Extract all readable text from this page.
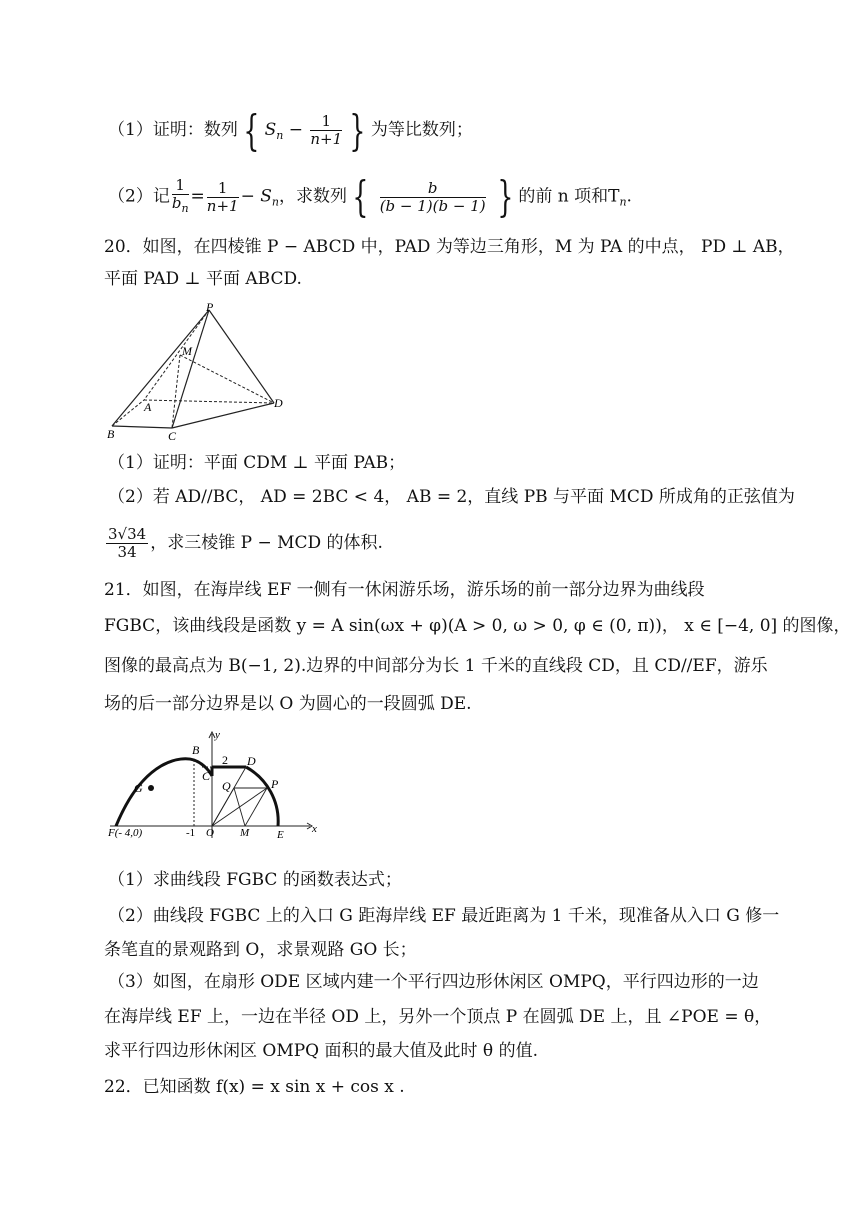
（1）证明：数列 { $S_n - \frac{1}{n+1}$ } 为等比数列；
（2）记 $\frac{1}{b_n} = \frac{1}{n+1} - S_n$，求数列 { $\frac{b}{(b - 1)(b - 1)}$ } 的前 n 项和$T_n$.
20．如图，在四棱锥 P − ABCD 中，PAD 为等边三角形，M 为 PA 的中点， PD ⊥ AB，
平面 PAD ⊥ 平面 ABCD.
P
M
A
B	C
D
（1）证明：平面 CDM ⊥ 平面 PAB；
（2）若 AD//BC， AD = 2BC < 4， AB = 2，直线 PB 与平面 MCD 所成角的正弦值为
$\frac{3√34}{34}$ ，求三棱锥 P − MCD 的体积.
21．如图，在海岸线 EF 一侧有一休闲游乐场，游乐场的前一部分边界为曲线段
FGBC，该曲线段是函数 y = A sin(ωx + φ)(A > 0, ω > 0, φ ∈ (0, π))， x ∈ [−4, 0] 的图像，
图像的最高点为 B(−1, 2).边界的中间部分为长 1 千米的直线段 CD，且 CD//EF，游乐
场的后一部分边界是以 O 为圆心的一段圆弧 DE.
B
2 D
C
G	Q	P
F(- 4,0)	-1 O M	E
y
x
（1）求曲线段 FGBC 的函数表达式；
（2）曲线段 FGBC 上的入口 G 距海岸线 EF 最近距离为 1 千米，现准备从入口 G 修一
条笔直的景观路到 O，求景观路 GO 长；
（3）如图，在扇形 ODE 区域内建一个平行四边形休闲区 OMPQ，平行四边形的一边
在海岸线 EF 上，一边在半径 OD 上，另外一个顶点 P 在圆弧 DE 上，且 ∠POE = θ，
求平行四边形休闲区 OMPQ 面积的最大值及此时 θ 的值.
22．已知函数 f(x) = x sin x + cos x .
